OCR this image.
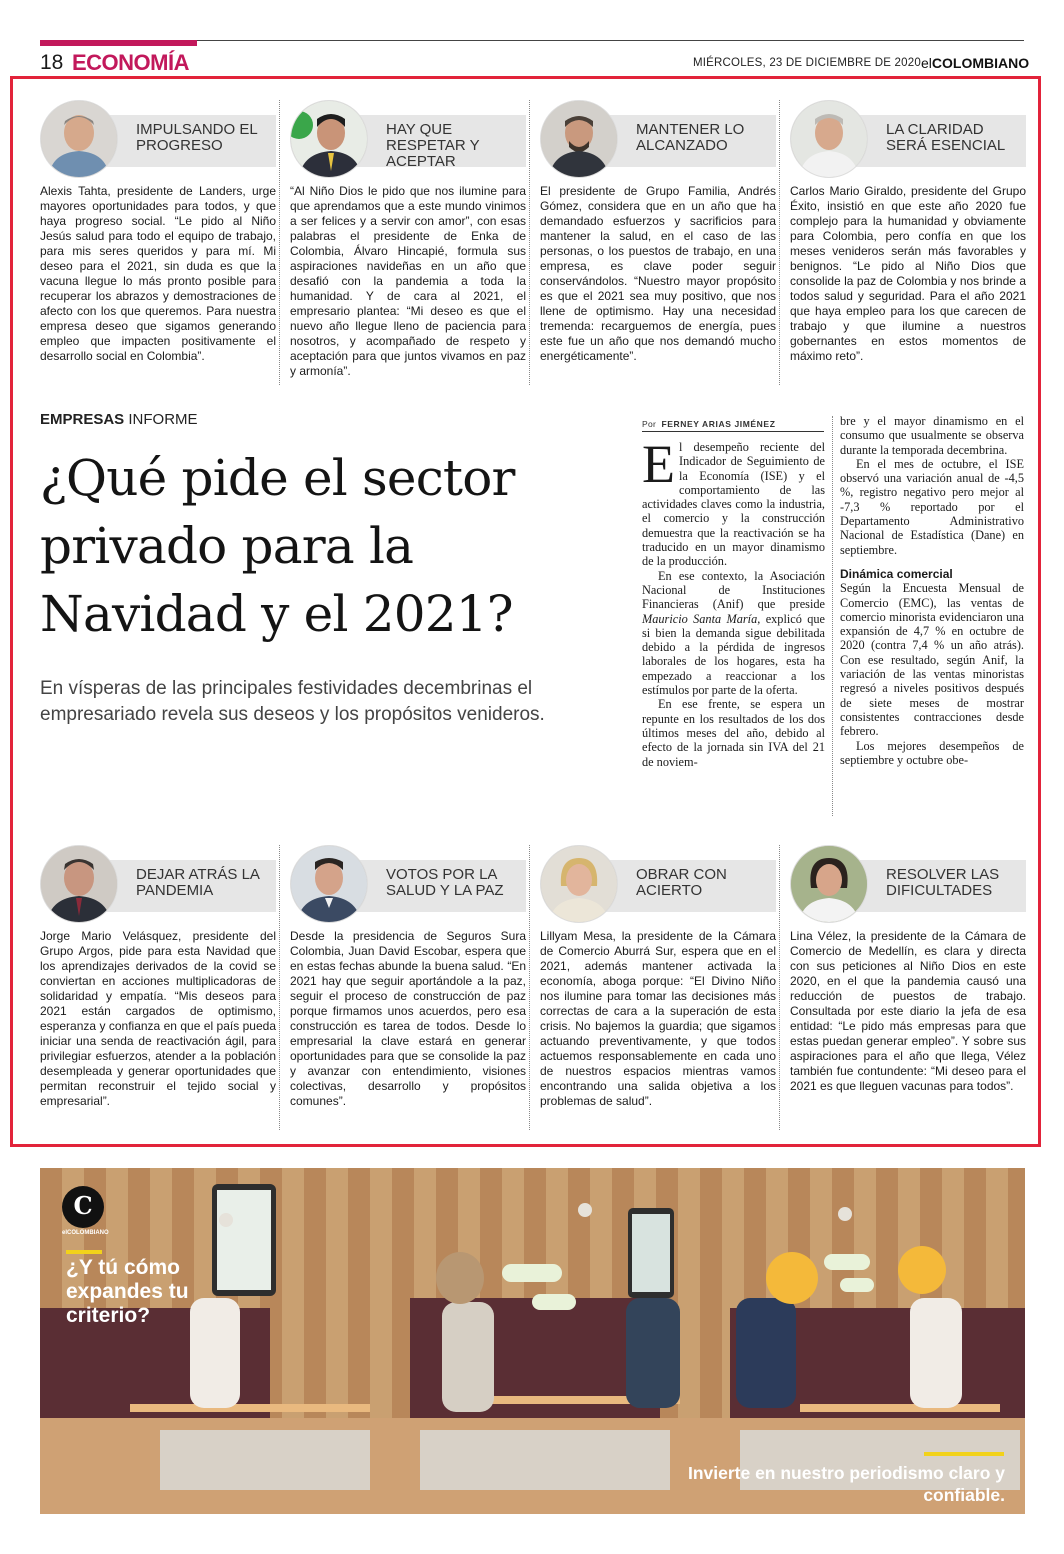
18 ECONOMÍA	MIÉRCOLES, 23 DE DICIEMBRE DE 2020 elCOLOMBIANO
IMPULSANDO EL PROGRESO
Alexis Tahta, presidente de Landers, urge mayores oportunidades para todos, y que haya progreso social. “Le pido al Niño Jesús salud para todo el equipo de trabajo, para mis seres queridos y para mí. Mi deseo para el 2021, sin duda es que la vacuna llegue lo más pronto posible para recuperar los abrazos y demostraciones de afecto con los que queremos. Para nuestra empresa deseo que sigamos generando empleo que impacten positivamente el desarrollo social en Colombia”.
HAY QUE RESPETAR Y ACEPTAR
“Al Niño Dios le pido que nos ilumine para que aprendamos que a este mundo vinimos a ser felices y a servir con amor”, con esas palabras el presidente de Enka de Colombia, Álvaro Hincapié, formula sus aspiraciones navideñas en un año que desafió con la pandemia a toda la humanidad. Y de cara al 2021, el empresario plantea: “Mi deseo es que el nuevo año llegue lleno de paciencia para nosotros, y acompañado de respeto y aceptación para que juntos vivamos en paz y armonía”.
MANTENER LO ALCANZADO
El presidente de Grupo Familia, Andrés Gómez, considera que en un año que ha demandado esfuerzos y sacrificios para mantener la salud, en el caso de las personas, o los puestos de trabajo, en una empresa, es clave poder seguir conservándolos. “Nuestro mayor propósito es que el 2021 sea muy positivo, que nos llene de optimismo. Hay una necesidad tremenda: recarguemos de energía, pues este fue un año que nos demandó mucho energéticamente”.
LA CLARIDAD SERÁ ESENCIAL
Carlos Mario Giraldo, presidente del Grupo Éxito, insistió en que este año 2020 fue complejo para la humanidad y obviamente para Colombia, pero confía en que los meses venideros serán más favorables y benignos. “Le pido al Niño Dios que consolide la paz de Colombia y nos brinde a todos salud y seguridad. Para el año 2021 que haya empleo para los que carecen de trabajo y que ilumine a nuestros gobernantes en estos momentos de máximo reto”.
EMPRESAS INFORME
¿Qué pide el sector privado para la Navidad y el 2021?
En vísperas de las principales festividades decembrinas el empresariado revela sus deseos y los propósitos venideros.
Por FERNEY ARIAS JIMÉNEZ

El desempeño reciente del Indicador de Seguimiento de la Economía (ISE) y el comportamiento de las actividades claves como la industria, el comercio y la construcción demuestra que la reactivación se ha traducido en un mayor dinamismo de la producción.

En ese contexto, la Asociación Nacional de Instituciones Financieras (Anif) que preside Mauricio Santa María, explicó que si bien la demanda sigue debilitada debido a la pérdida de ingresos laborales de los hogares, esta ha empezado a reaccionar a los estímulos por parte de la oferta.

En ese frente, se espera un repunte en los resultados de los dos últimos meses del año, debido al efecto de la jornada sin IVA del 21 de noviem-

bre y el mayor dinamismo en el consumo que usualmente se observa durante la temporada decembrina.

En el mes de octubre, el ISE observó una variación anual de -4,5 %, registro negativo pero mejor al -7,3 % reportado por el Departamento Administrativo Nacional de Estadística (Dane) en septiembre.

Dinámica comercial

Según la Encuesta Mensual de Comercio (EMC), las ventas de comercio minorista evidenciaron una expansión de 4,7 % en octubre de 2020 (contra 7,4 % un año atrás). Con ese resultado, según Anif, la variación de las ventas minoristas regresó a niveles positivos después de siete meses de mostrar consistentes contracciones desde febrero.

Los mejores desempeños de septiembre y octubre obe-

DEJAR ATRÁS LA PANDEMIA
Jorge Mario Velásquez, presidente del Grupo Argos, pide para esta Navidad que los aprendizajes derivados de la covid se conviertan en acciones multiplicadoras de solidaridad y empatía. “Mis deseos para 2021 están cargados de optimismo, esperanza y confianza en que el país pueda iniciar una senda de reactivación ágil, para privilegiar esfuerzos, atender a la población desempleada y generar oportunidades que permitan reconstruir el tejido social y empresarial”.
VOTOS POR LA SALUD Y LA PAZ
Desde la presidencia de Seguros Sura Colombia, Juan David Escobar, espera que en estas fechas abunde la buena salud. “En 2021 hay que seguir aportándole a la paz, seguir el proceso de construcción de paz porque firmamos unos acuerdos, pero esa construcción es tarea de todos. Desde lo empresarial la clave estará en generar oportunidades para que se consolide la paz y avanzar con entendimiento, visiones colectivas, desarrollo y propósitos comunes”.
OBRAR CON ACIERTO
Lillyam Mesa, la presidente de la Cámara de Comercio Aburrá Sur, espera que en el 2021, además mantener activada la economía, aboga porque: “El Divino Niño nos ilumine para tomar las decisiones más correctas de cara a la superación de esta crisis. No bajemos la guardia; que sigamos actuando preventivamente, y que todos actuemos responsablemente en cada uno de nuestros espacios mientras vamos encontrando una salida objetiva a los problemas de salud”.
RESOLVER LAS DIFICULTADES
Lina Vélez, la presidente de la Cámara de Comercio de Medellín, es clara y directa con sus peticiones al Niño Dios en este 2020, en el que la pandemia causó una reducción de puestos de trabajo. Consultada por este diario la jefa de esa entidad: “Le pido más empresas para que estas puedan generar empleo”. Y sobre sus aspiraciones para el año que llega, Vélez también fue contundente: “Mi deseo para el 2021 es que lleguen vacunas para todos”.
C
elCOLOMBIANO
¿Y tú cómo expandes tu criterio?
Invierte en nuestro periodismo claro y confiable.
